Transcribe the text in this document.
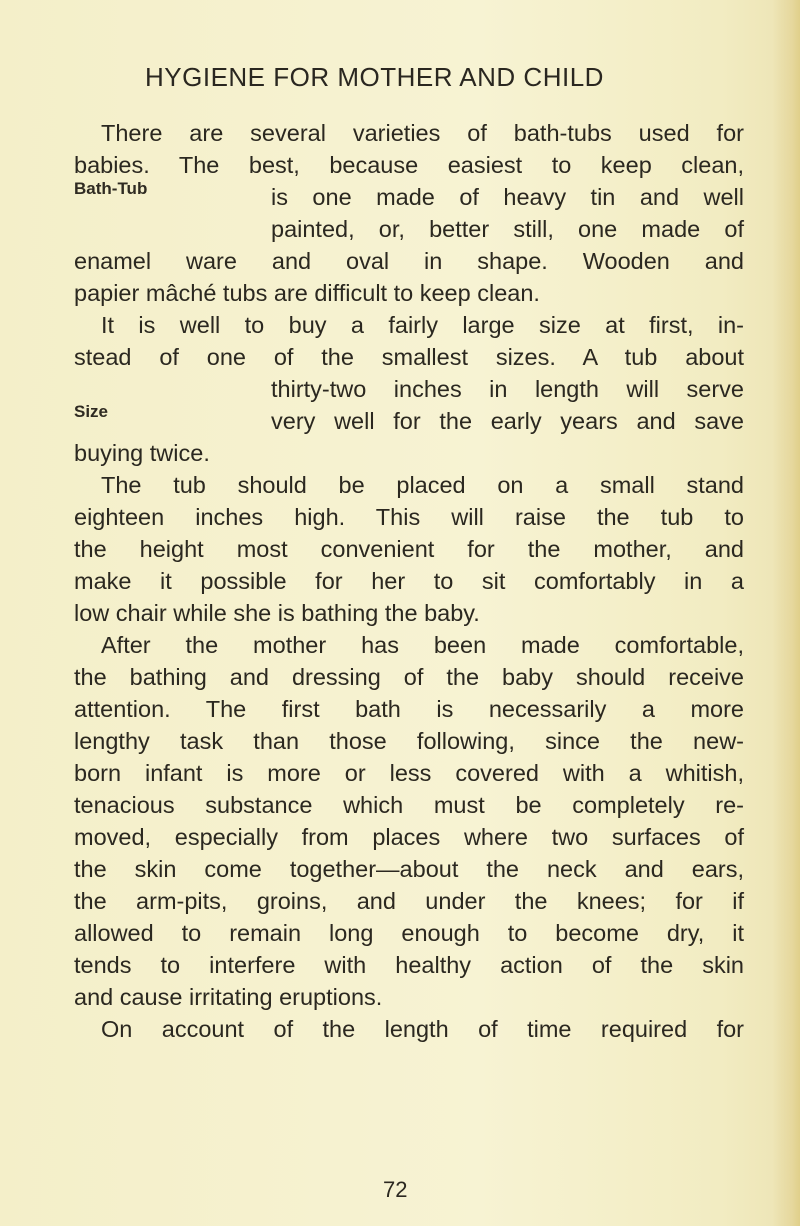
HYGIENE FOR MOTHER AND CHILD
Bath-Tub
Size
There are several varieties of bath-tubs used for
babies. The best, because easiest to keep clean,
is one made of heavy tin and well
painted, or, better still, one made of
enamel ware and oval in shape. Wooden and
papier mâché tubs are difficult to keep clean.
It is well to buy a fairly large size at first, in-
stead of one of the smallest sizes. A tub about
thirty-two inches in length will serve
very well for the early years and save
buying twice.
The tub should be placed on a small stand
eighteen inches high. This will raise the tub to
the height most convenient for the mother, and
make it possible for her to sit comfortably in a
low chair while she is bathing the baby.
After the mother has been made comfortable,
the bathing and dressing of the baby should receive
attention. The first bath is necessarily a more
lengthy task than those following, since the new-
born infant is more or less covered with a whitish,
tenacious substance which must be completely re-
moved, especially from places where two surfaces of
the skin come together—about the neck and ears,
the arm-pits, groins, and under the knees; for if
allowed to remain long enough to become dry, it
tends to interfere with healthy action of the skin
and cause irritating eruptions.
On account of the length of time required for
72
